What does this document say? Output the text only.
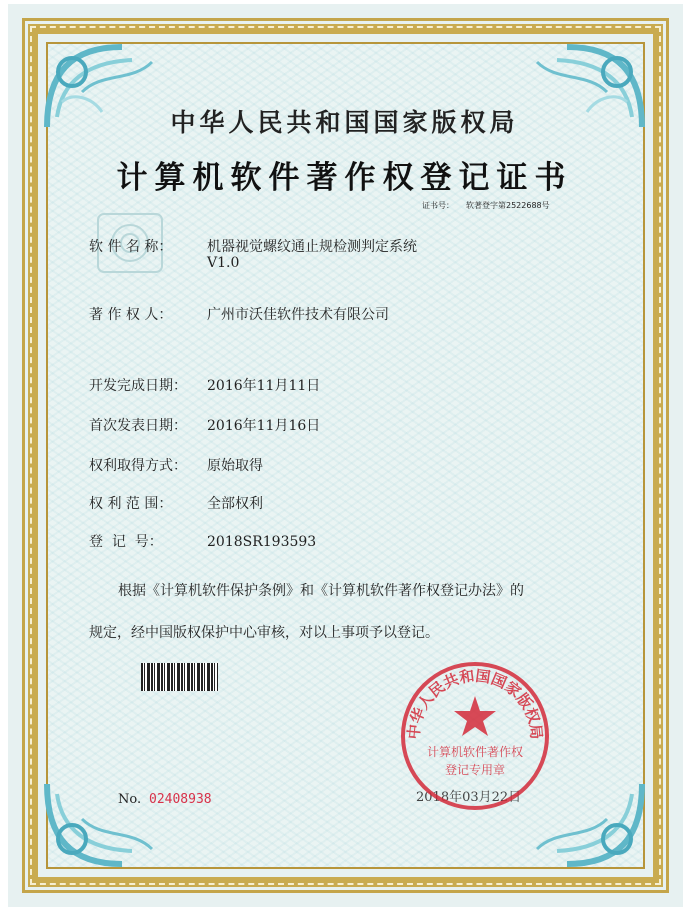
中华人民共和国国家版权局
计算机软件著作权登记证书
证书号： 软著登字第2522688号
软 件 名 称： 机器视觉螺纹通止规检测判定系统
V1.0
著 作 权 人： 广州市沃佳软件技术有限公司
开发完成日期： 2016年11月11日
首次发表日期： 2016年11月16日
权利取得方式： 原始取得
权 利 范 围： 全部权利
登  记  号：	2018SR193593
根据《计算机软件保护条例》和《计算机软件著作权登记办法》的
规定，经中国版权保护中心审核，对以上事项予以登记。
2018年03月22日
中华人民共和国国家版权局
计算机软件著作权
登记专用章
No. 02408938
